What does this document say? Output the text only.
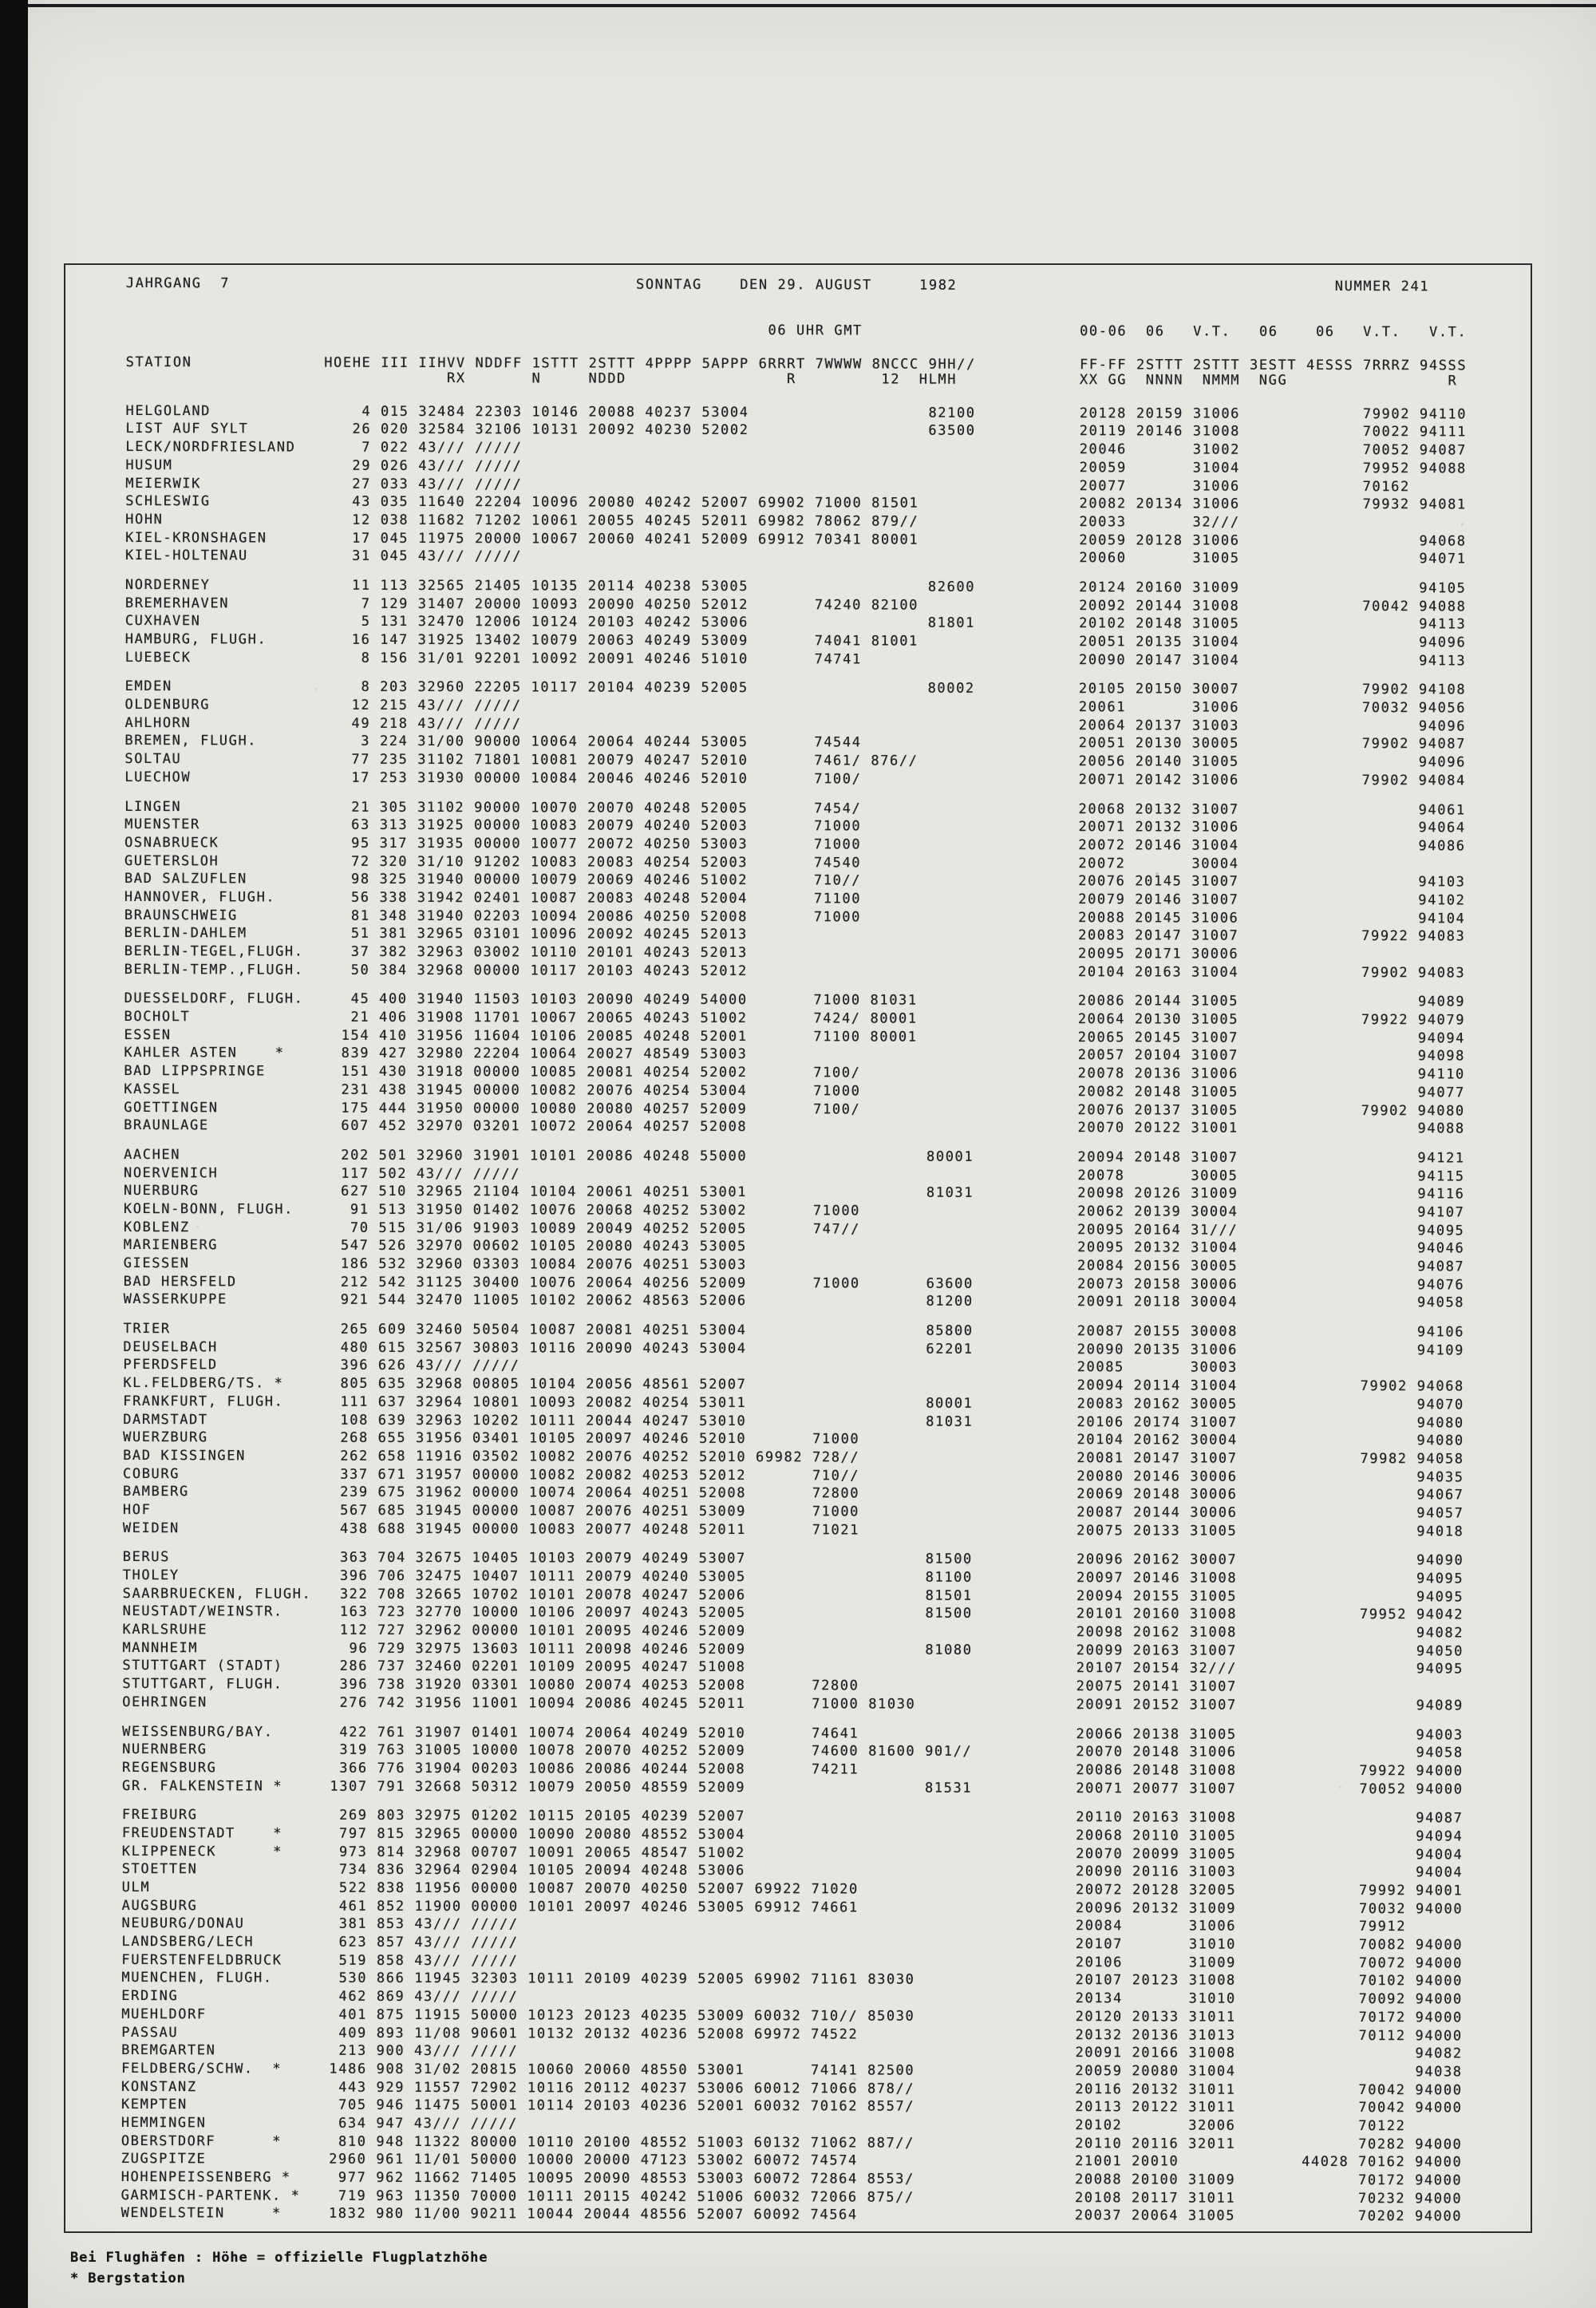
JAHRGANG  7                                           SONNTAG    DEN 29. AUGUST     1982                                        NUMMER 241
06 UHR GMT                       00-06  06   V.T.   06    06   V.T.   V.T.
STATION              HOEHE III IIHVV NDDFF 1STTT 2STTT 4PPPP 5APPP 6RRRT 7WWWW 8NCCC 9HH//           FF-FF 2STTT 2STTT 3ESTT 4ESSS 7RRRZ 94SSS
RX       N     NDDD                 R         12  HLMH             XX GG  NNNN  NMMM  NGG                 R
HELGOLAND                4 015 32484 22303 10146 20088 40237 53004                   82100           20128 20159 31006             79902 94110
LIST AUF SYLT           26 020 32584 32106 10131 20092 40230 52002                   63500           20119 20146 31008             70022 94111
LECK/NORDFRIESLAND       7 022 43/// /////                                                           20046       31002             70052 94087
HUSUM                   29 026 43/// /////                                                           20059       31004             79952 94088
MEIERWIK                27 033 43/// /////                                                           20077       31006             70162
SCHLESWIG               43 035 11640 22204 10096 20080 40242 52007 69902 71000 81501                 20082 20134 31006             79932 94081
HOHN                    12 038 11682 71202 10061 20055 40245 52011 69982 78062 879//                 20033       32///
KIEL-KRONSHAGEN         17 045 11975 20000 10067 20060 40241 52009 69912 70341 80001                 20059 20128 31006                   94068
KIEL-HOLTENAU           31 045 43/// /////                                                           20060       31005                   94071
NORDERNEY               11 113 32565 21405 10135 20114 40238 53005                   82600           20124 20160 31009                   94105
BREMERHAVEN              7 129 31407 20000 10093 20090 40250 52012       74240 82100                 20092 20144 31008             70042 94088
CUXHAVEN                 5 131 32470 12006 10124 20103 40242 53006                   81801           20102 20148 31005                   94113
HAMBURG, FLUGH.         16 147 31925 13402 10079 20063 40249 53009       74041 81001                 20051 20135 31004                   94096
LUEBECK                  8 156 31/01 92201 10092 20091 40246 51010       74741                       20090 20147 31004                   94113
EMDEN                    8 203 32960 22205 10117 20104 40239 52005                   80002           20105 20150 30007             79902 94108
OLDENBURG               12 215 43/// /////                                                           20061       31006             70032 94056
AHLHORN                 49 218 43/// /////                                                           20064 20137 31003                   94096
BREMEN, FLUGH.           3 224 31/00 90000 10064 20064 40244 53005       74544                       20051 20130 30005             79902 94087
SOLTAU                  77 235 31102 71801 10081 20079 40247 52010       7461/ 876//                 20056 20140 31005                   94096
LUECHOW                 17 253 31930 00000 10084 20046 40246 52010       7100/                       20071 20142 31006             79902 94084
LINGEN                  21 305 31102 90000 10070 20070 40248 52005       7454/                       20068 20132 31007                   94061
MUENSTER                63 313 31925 00000 10083 20079 40240 52003       71000                       20071 20132 31006                   94064
OSNABRUECK              95 317 31935 00000 10077 20072 40250 53003       71000                       20072 20146 31004                   94086
GUETERSLOH              72 320 31/10 91202 10083 20083 40254 52003       74540                       20072       30004
BAD SALZUFLEN           98 325 31940 00000 10079 20069 40246 51002       710//                       20076 20145 31007                   94103
HANNOVER, FLUGH.        56 338 31942 02401 10087 20083 40248 52004       71100                       20079 20146 31007                   94102
BRAUNSCHWEIG            81 348 31940 02203 10094 20086 40250 52008       71000                       20088 20145 31006                   94104
BERLIN-DAHLEM           51 381 32965 03101 10096 20092 40245 52013                                   20083 20147 31007             79922 94083
BERLIN-TEGEL,FLUGH.     37 382 32963 03002 10110 20101 40243 52013                                   20095 20171 30006
BERLIN-TEMP.,FLUGH.     50 384 32968 00000 10117 20103 40243 52012                                   20104 20163 31004             79902 94083
DUESSELDORF, FLUGH.     45 400 31940 11503 10103 20090 40249 54000       71000 81031                 20086 20144 31005                   94089
BOCHOLT                 21 406 31908 11701 10067 20065 40243 51002       7424/ 80001                 20064 20130 31005             79922 94079
ESSEN                  154 410 31956 11604 10106 20085 40248 52001       71100 80001                 20065 20145 31007                   94094
KAHLER ASTEN    *      839 427 32980 22204 10064 20027 48549 53003                                   20057 20104 31007                   94098
BAD LIPPSPRINGE        151 430 31918 00000 10085 20081 40254 52002       7100/                       20078 20136 31006                   94110
KASSEL                 231 438 31945 00000 10082 20076 40254 53004       71000                       20082 20148 31005                   94077
GOETTINGEN             175 444 31950 00000 10080 20080 40257 52009       7100/                       20076 20137 31005             79902 94080
BRAUNLAGE              607 452 32970 03201 10072 20064 40257 52008                                   20070 20122 31001                   94088
AACHEN                 202 501 32960 31901 10101 20086 40248 55000                   80001           20094 20148 31007                   94121
NOERVENICH             117 502 43/// /////                                                           20078       30005                   94115
NUERBURG               627 510 32965 21104 10104 20061 40251 53001                   81031           20098 20126 31009                   94116
KOELN-BONN, FLUGH.      91 513 31950 01402 10076 20068 40252 53002       71000                       20062 20139 30004                   94107
KOBLENZ                 70 515 31/06 91903 10089 20049 40252 52005       747//                       20095 20164 31///                   94095
MARIENBERG             547 526 32970 00602 10105 20080 40243 53005                                   20095 20132 31004                   94046
GIESSEN                186 532 32960 03303 10084 20076 40251 53003                                   20084 20156 30005                   94087
BAD HERSFELD           212 542 31125 30400 10076 20064 40256 52009       71000       63600           20073 20158 30006                   94076
WASSERKUPPE            921 544 32470 11005 10102 20062 48563 52006                   81200           20091 20118 30004                   94058
TRIER                  265 609 32460 50504 10087 20081 40251 53004                   85800           20087 20155 30008                   94106
DEUSELBACH             480 615 32567 30803 10116 20090 40243 53004                   62201           20090 20135 31006                   94109
PFERDSFELD             396 626 43/// /////                                                           20085       30003
KL.FELDBERG/TS. *      805 635 32968 00805 10104 20056 48561 52007                                   20094 20114 31004             79902 94068
FRANKFURT, FLUGH.      111 637 32964 10801 10093 20082 40254 53011                   80001           20083 20162 30005                   94070
DARMSTADT              108 639 32963 10202 10111 20044 40247 53010                   81031           20106 20174 31007                   94080
WUERZBURG              268 655 31956 03401 10105 20097 40246 52010       71000                       20104 20162 30004                   94080
BAD KISSINGEN          262 658 11916 03502 10082 20076 40252 52010 69982 728//                       20081 20147 31007             79982 94058
COBURG                 337 671 31957 00000 10082 20082 40253 52012       710//                       20080 20146 30006                   94035
BAMBERG                239 675 31962 00000 10074 20064 40251 52008       72800                       20069 20148 30006                   94067
HOF                    567 685 31945 00000 10087 20076 40251 53009       71000                       20087 20144 30006                   94057
WEIDEN                 438 688 31945 00000 10083 20077 40248 52011       71021                       20075 20133 31005                   94018
BERUS                  363 704 32675 10405 10103 20079 40249 53007                   81500           20096 20162 30007                   94090
THOLEY                 396 706 32475 10407 10111 20079 40240 53005                   81100           20097 20146 31008                   94095
SAARBRUECKEN, FLUGH.   322 708 32665 10702 10101 20078 40247 52006                   81501           20094 20155 31005                   94095
NEUSTADT/WEINSTR.      163 723 32770 10000 10106 20097 40243 52005                   81500           20101 20160 31008             79952 94042
KARLSRUHE              112 727 32962 00000 10101 20095 40246 52009                                   20098 20162 31008                   94082
MANNHEIM                96 729 32975 13603 10111 20098 40246 52009                   81080           20099 20163 31007                   94050
STUTTGART (STADT)      286 737 32460 02201 10109 20095 40247 51008                                   20107 20154 32///                   94095
STUTTGART, FLUGH.      396 738 31920 03301 10080 20074 40253 52008       72800                       20075 20141 31007
OEHRINGEN              276 742 31956 11001 10094 20086 40245 52011       71000 81030                 20091 20152 31007                   94089
WEISSENBURG/BAY.       422 761 31907 01401 10074 20064 40249 52010       74641                       20066 20138 31005                   94003
NUERNBERG              319 763 31005 10000 10078 20070 40252 52009       74600 81600 901//           20070 20148 31006                   94058
REGENSBURG             366 776 31904 00203 10086 20086 40244 52008       74211                       20086 20148 31008             79922 94000
GR. FALKENSTEIN *     1307 791 32668 50312 10079 20050 48559 52009                   81531           20071 20077 31007             70052 94000
FREIBURG               269 803 32975 01202 10115 20105 40239 52007                                   20110 20163 31008                   94087
FREUDENSTADT    *      797 815 32965 00000 10090 20080 48552 53004                                   20068 20110 31005                   94094
KLIPPENECK      *      973 814 32968 00707 10091 20065 48547 51002                                   20070 20099 31005                   94004
STOETTEN               734 836 32964 02904 10105 20094 40248 53006                                   20090 20116 31003                   94004
ULM                    522 838 11956 00000 10087 20070 40250 52007 69922 71020                       20072 20128 32005             79992 94001
AUGSBURG               461 852 11900 00000 10101 20097 40246 53005 69912 74661                       20096 20132 31009             70032 94000
NEUBURG/DONAU          381 853 43/// /////                                                           20084       31006             79912
LANDSBERG/LECH         623 857 43/// /////                                                           20107       31010             70082 94000
FUERSTENFELDBRUCK      519 858 43/// /////                                                           20106       31009             70072 94000
MUENCHEN, FLUGH.       530 866 11945 32303 10111 20109 40239 52005 69902 71161 83030                 20107 20123 31008             70102 94000
ERDING                 462 869 43/// /////                                                           20134       31010             70092 94000
MUEHLDORF              401 875 11915 50000 10123 20123 40235 53009 60032 710// 85030                 20120 20133 31011             70172 94000
PASSAU                 409 893 11/08 90601 10132 20132 40236 52008 69972 74522                       20132 20136 31013             70112 94000
BREMGARTEN             213 900 43/// /////                                                           20091 20166 31008                   94082
FELDBERG/SCHW.  *     1486 908 31/02 20815 10060 20060 48550 53001       74141 82500                 20059 20080 31004                   94038
KONSTANZ               443 929 11557 72902 10116 20112 40237 53006 60012 71066 878//                 20116 20132 31011             70042 94000
KEMPTEN                705 946 11475 50001 10114 20103 40236 52001 60032 70162 8557/                 20113 20122 31011             70042 94000
HEMMINGEN              634 947 43/// /////                                                           20102       32006             70122
OBERSTDORF      *      810 948 11322 80000 10110 20100 48552 51003 60132 71062 887//                 20110 20116 32011             70282 94000
ZUGSPITZE             2960 961 11/01 50000 10000 20000 47123 53002 60072 74574                       21001 20010             44028 70162 94000
HOHENPEISSENBERG *     977 962 11662 71405 10095 20090 48553 53003 60072 72864 8553/                 20088 20100 31009             70172 94000
GARMISCH-PARTENK. *    719 963 11350 70000 10111 20115 40242 51006 60032 72066 875//                 20108 20117 31011             70232 94000
WENDELSTEIN     *     1832 980 11/00 90211 10044 20044 48556 52007 60092 74564                       20037 20064 31005             70202 94000
Bei Flughäfen : Höhe = offizielle Flugplatzhöhe
* Bergstation
